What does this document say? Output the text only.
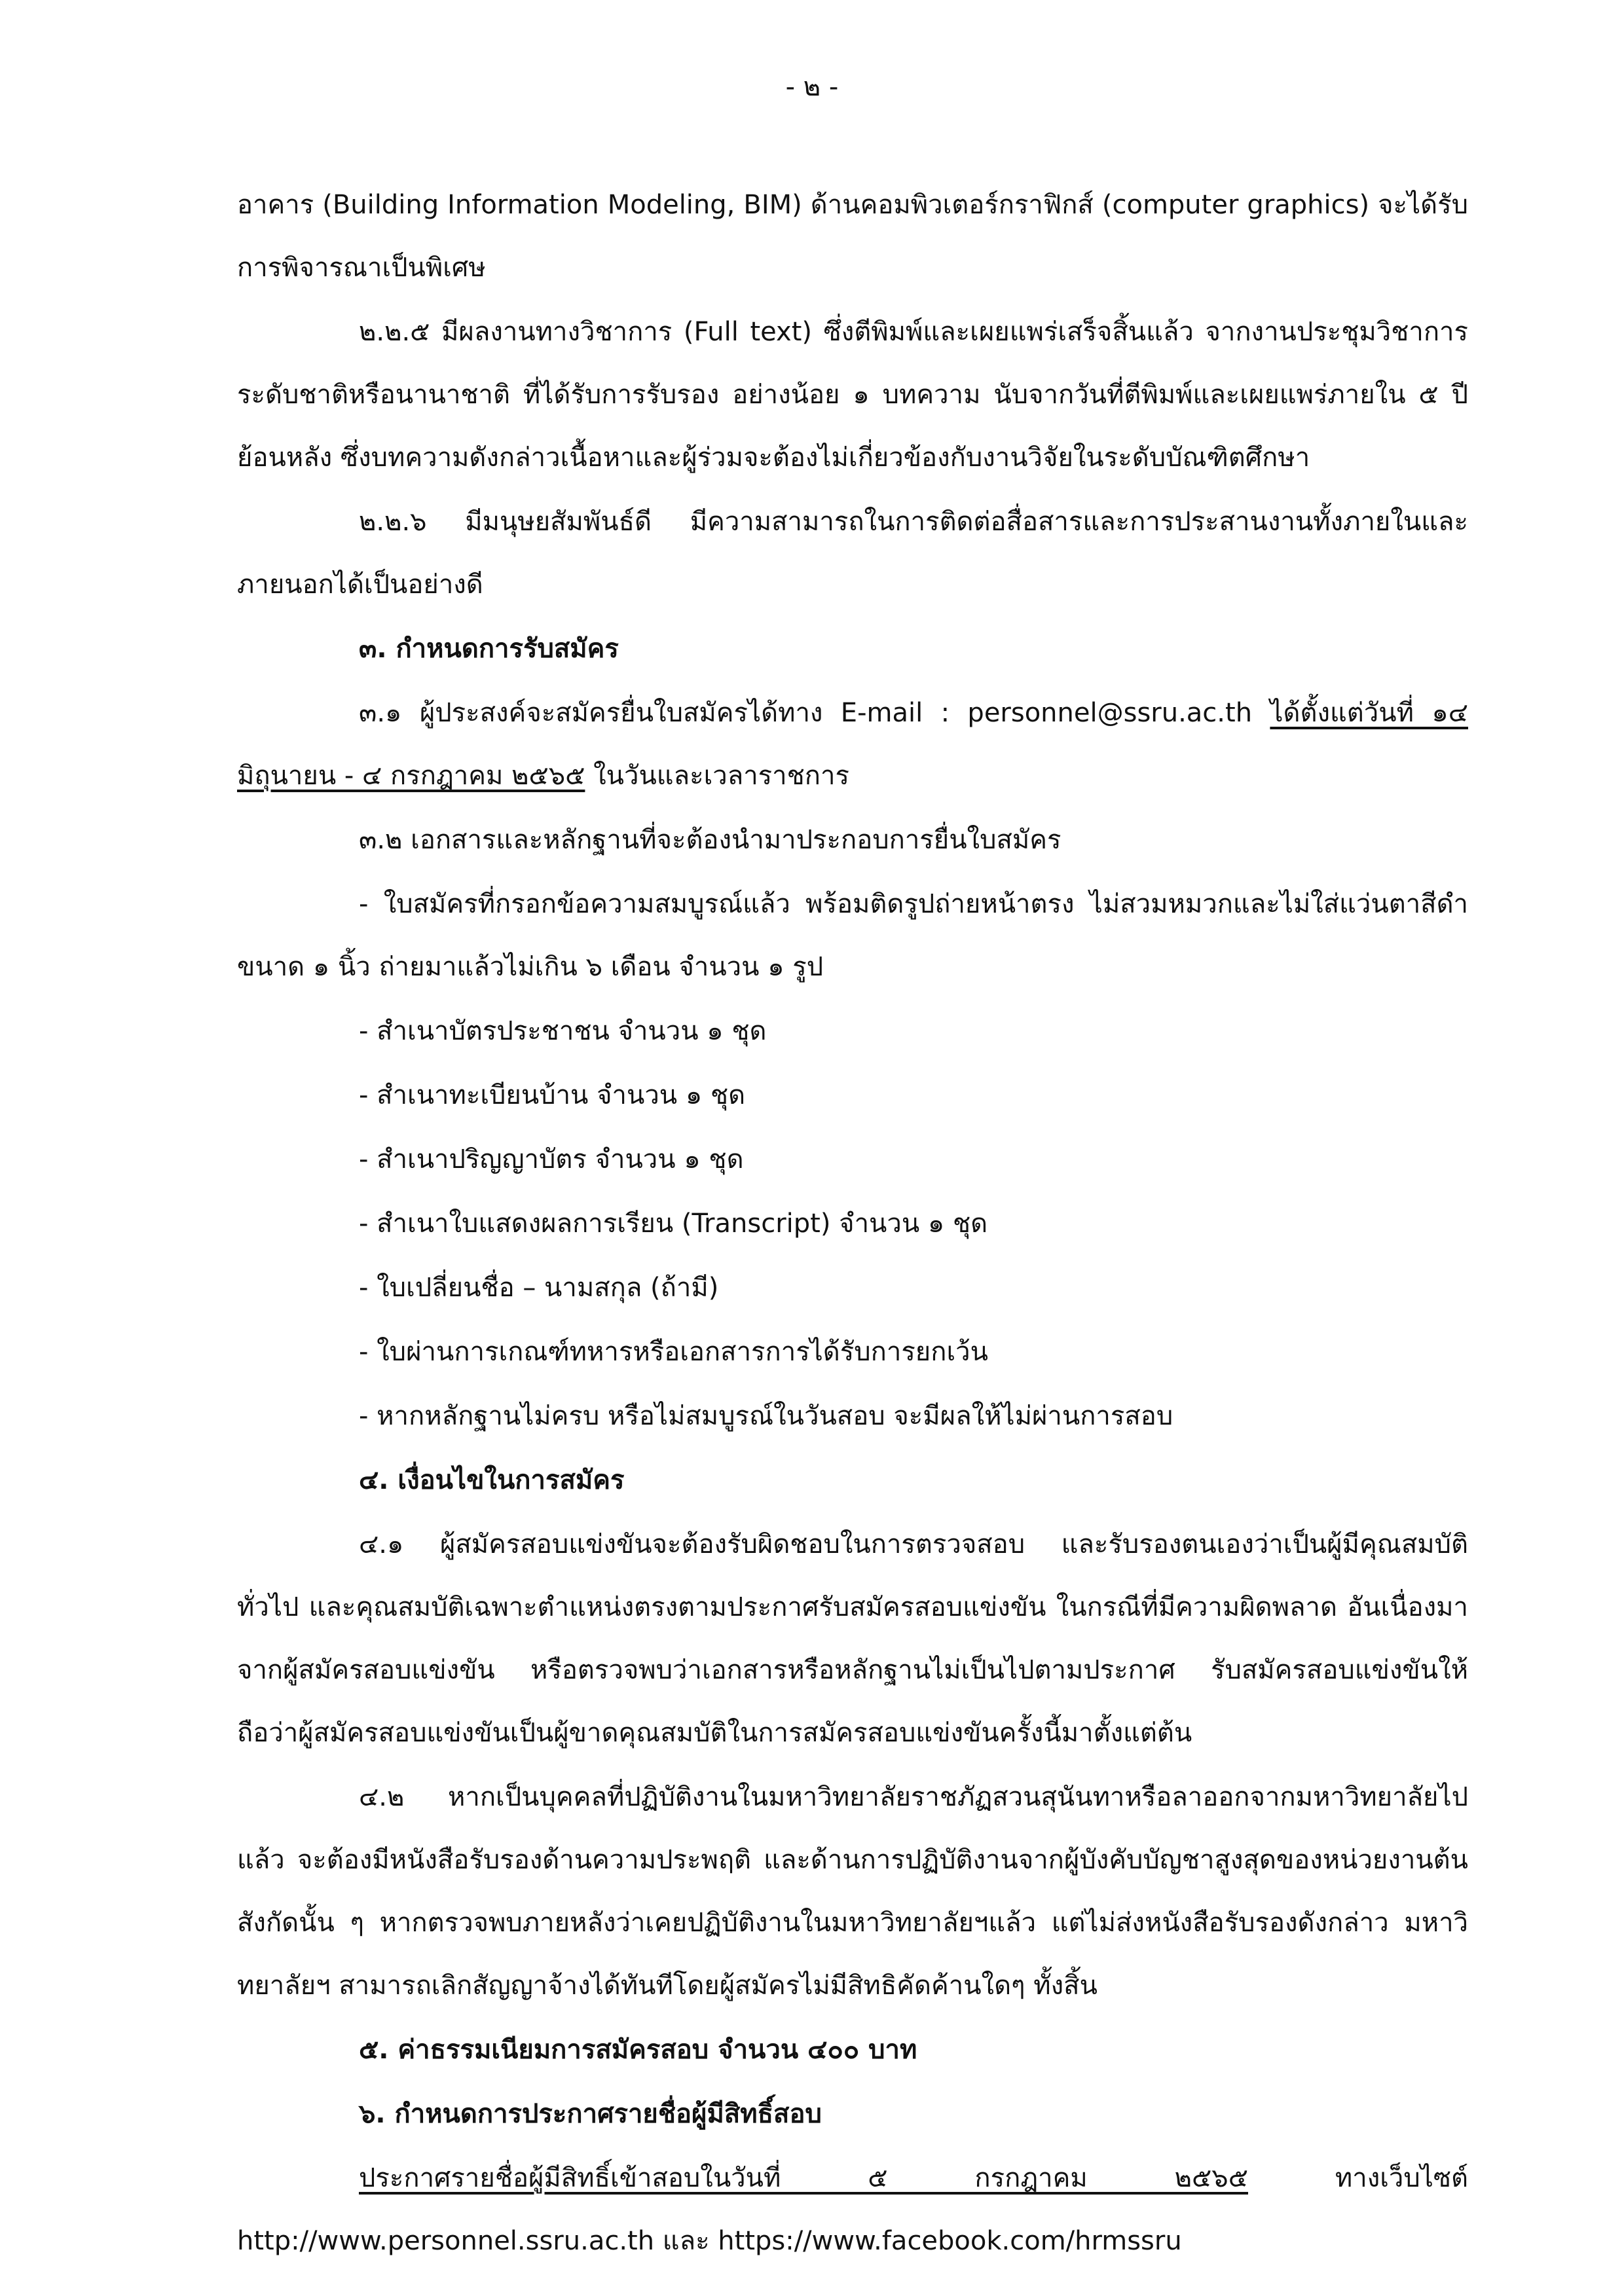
- ๒ -

อาคาร (Building Information Modeling, BIM) ด้านคอมพิวเตอร์กราฟิกส์ (computer graphics) จะได้รับการพิจารณาเป็นพิเศษ

๒.๒.๕ มีผลงานทางวิชาการ (Full text) ซึ่งตีพิมพ์และเผยแพร่เสร็จสิ้นแล้ว จากงานประชุมวิชาการระดับชาติหรือนานาชาติ ที่ได้รับการรับรอง อย่างน้อย ๑ บทความ นับจากวันที่ตีพิมพ์และเผยแพร่ภายใน ๕ ปี ย้อนหลัง ซึ่งบทความดังกล่าวเนื้อหาและผู้ร่วมจะต้องไม่เกี่ยวข้องกับงานวิจัยในระดับบัณฑิตศึกษา

๒.๒.๖ มีมนุษยสัมพันธ์ดี มีความสามารถในการติดต่อสื่อสารและการประสานงานทั้งภายในและภายนอกได้เป็นอย่างดี

๓. กำหนดการรับสมัคร

๓.๑ ผู้ประสงค์จะสมัครยื่นใบสมัครได้ทาง E-mail : personnel@ssru.ac.th ได้ตั้งแต่วันที่ ๑๔ มิถุนายน - ๔ กรกฎาคม ๒๕๖๕ ในวันและเวลาราชการ

๓.๒ เอกสารและหลักฐานที่จะต้องนำมาประกอบการยื่นใบสมัคร

- ใบสมัครที่กรอกข้อความสมบูรณ์แล้ว พร้อมติดรูปถ่ายหน้าตรง ไม่สวมหมวกและไม่ใส่แว่นตาสีดำ ขนาด ๑ นิ้ว ถ่ายมาแล้วไม่เกิน ๖ เดือน จำนวน ๑ รูป

- สำเนาบัตรประชาชน จำนวน ๑ ชุด

- สำเนาทะเบียนบ้าน จำนวน ๑ ชุด

- สำเนาปริญญาบัตร จำนวน ๑ ชุด

- สำเนาใบแสดงผลการเรียน (Transcript) จำนวน ๑ ชุด

- ใบเปลี่ยนชื่อ – นามสกุล (ถ้ามี)

- ใบผ่านการเกณฑ์ทหารหรือเอกสารการได้รับการยกเว้น

- หากหลักฐานไม่ครบ หรือไม่สมบูรณ์ในวันสอบ จะมีผลให้ไม่ผ่านการสอบ

๔. เงื่อนไขในการสมัคร

๔.๑ ผู้สมัครสอบแข่งขันจะต้องรับผิดชอบในการตรวจสอบ และรับรองตนเองว่าเป็นผู้มีคุณสมบัติทั่วไป และคุณสมบัติเฉพาะตำแหน่งตรงตามประกาศรับสมัครสอบแข่งขัน ในกรณีที่มีความผิดพลาด อันเนื่องมาจากผู้สมัครสอบแข่งขัน หรือตรวจพบว่าเอกสารหรือหลักฐานไม่เป็นไปตามประกาศ รับสมัครสอบแข่งขันให้ถือว่าผู้สมัครสอบแข่งขันเป็นผู้ขาดคุณสมบัติในการสมัครสอบแข่งขันครั้งนี้มาตั้งแต่ต้น

๔.๒ หากเป็นบุคคลที่ปฏิบัติงานในมหาวิทยาลัยราชภัฏสวนสุนันทาหรือลาออกจากมหาวิทยาลัยไปแล้ว จะต้องมีหนังสือรับรองด้านความประพฤติ และด้านการปฏิบัติงานจากผู้บังคับบัญชาสูงสุดของหน่วยงานต้นสังกัดนั้น ๆ หากตรวจพบภายหลังว่าเคยปฏิบัติงานในมหาวิทยาลัยฯแล้ว แต่ไม่ส่งหนังสือรับรองดังกล่าว มหาวิทยาลัยฯ สามารถเลิกสัญญาจ้างได้ทันทีโดยผู้สมัครไม่มีสิทธิคัดค้านใดๆ ทั้งสิ้น

๕. ค่าธรรมเนียมการสมัครสอบ จำนวน ๔๐๐ บาท

๖. กำหนดการประกาศรายชื่อผู้มีสิทธิ์สอบ

ประกาศรายชื่อผู้มีสิทธิ์เข้าสอบในวันที่ ๕ กรกฎาคม ๒๕๖๕ ทางเว็บไซต์ http://www.personnel.ssru.ac.th และ https://www.facebook.com/hrmssru
